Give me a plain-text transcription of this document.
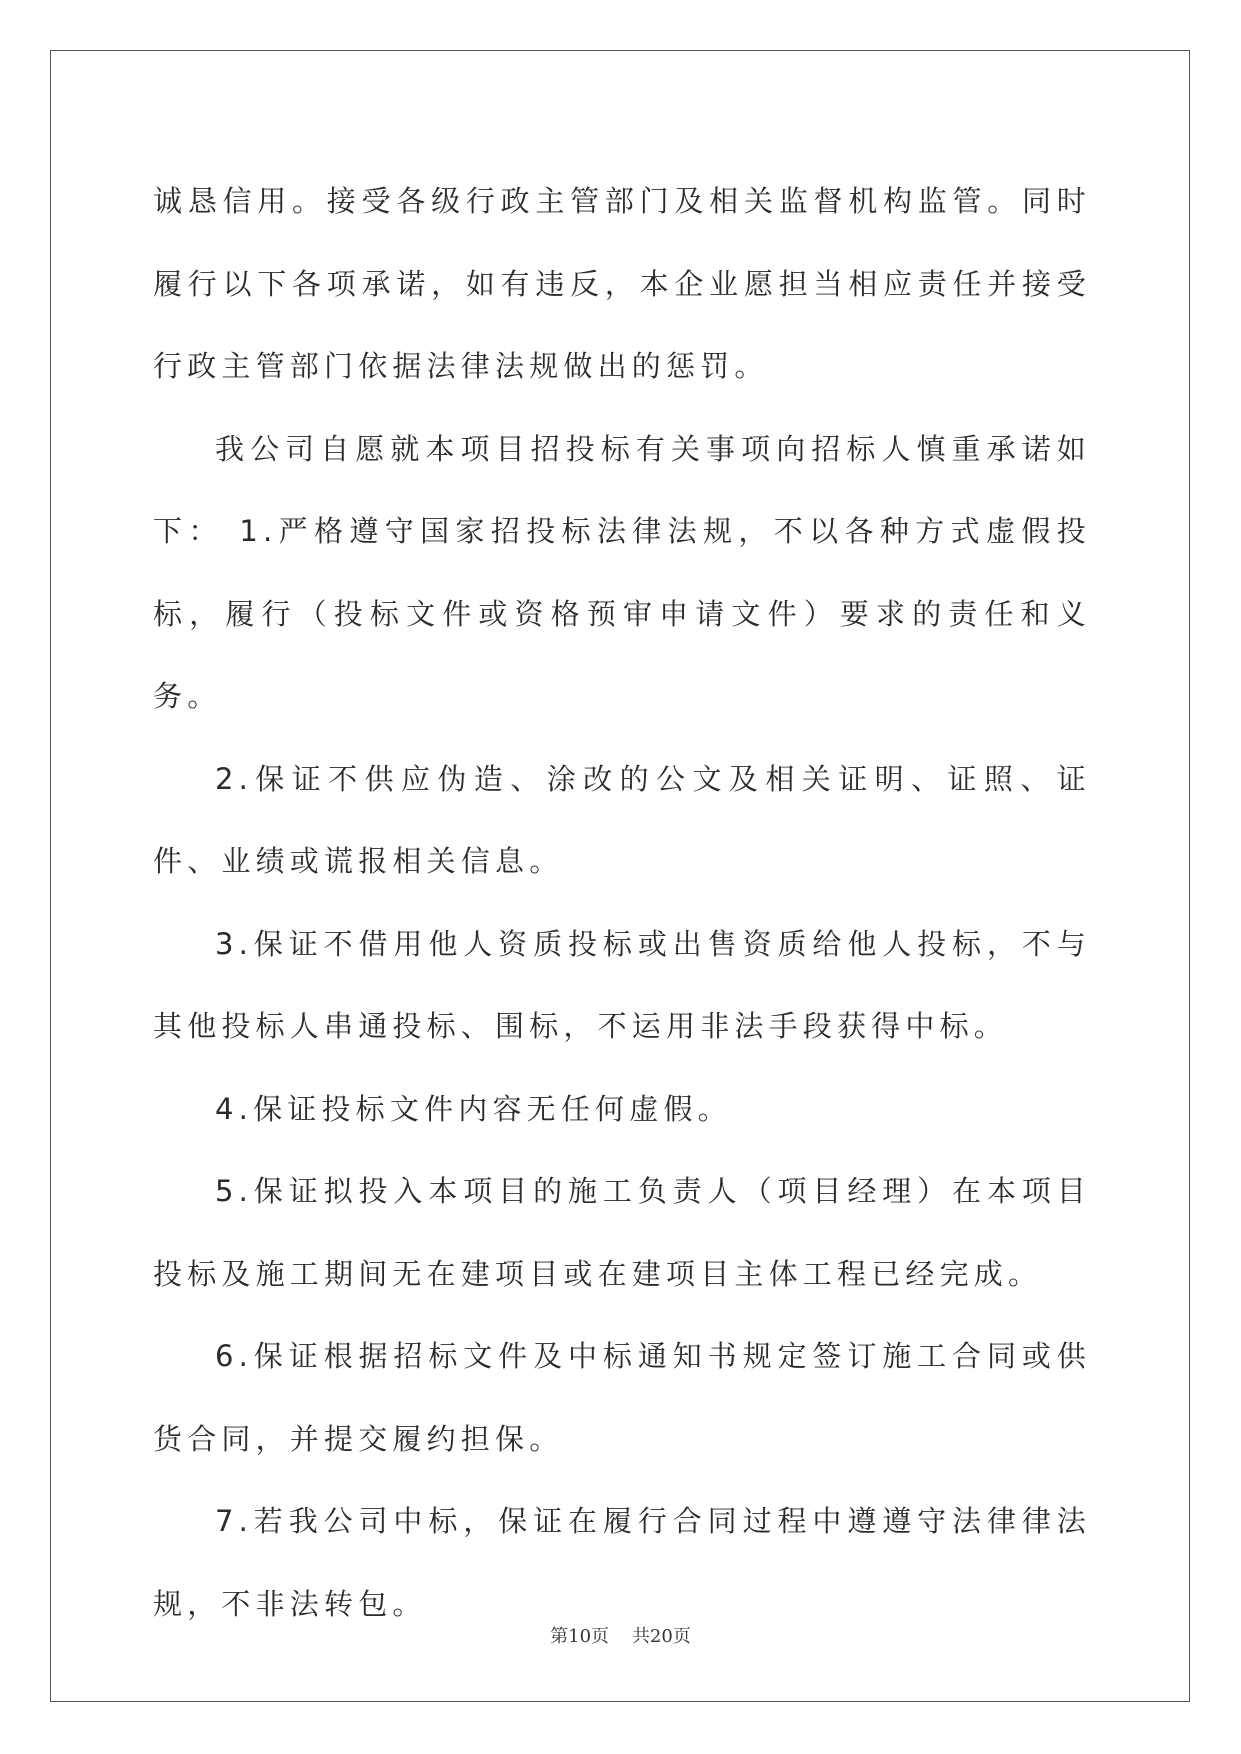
诚恳信用。接受各级行政主管部门及相关监督机构监管。同时履行以下各项承诺，如有违反，本企业愿担当相应责任并接受行政主管部门依据法律法规做出的惩罚。

我公司自愿就本项目招投标有关事项向招标人慎重承诺如下： 1.严格遵守国家招投标法律法规，不以各种方式虚假投标，履行（投标文件或资格预审申请文件）要求的责任和义务。

2.保证不供应伪造、涂改的公文及相关证明、证照、证件、业绩或谎报相关信息。

3.保证不借用他人资质投标或出售资质给他人投标，不与其他投标人串通投标、围标，不运用非法手段获得中标。

4.保证投标文件内容无任何虚假。

5.保证拟投入本项目的施工负责人（项目经理）在本项目投标及施工期间无在建项目或在建项目主体工程已经完成。

6.保证根据招标文件及中标通知书规定签订施工合同或供货合同，并提交履约担保。

7.若我公司中标，保证在履行合同过程中遵遵守法律律法规，不非法转包。

第10页 共20页
